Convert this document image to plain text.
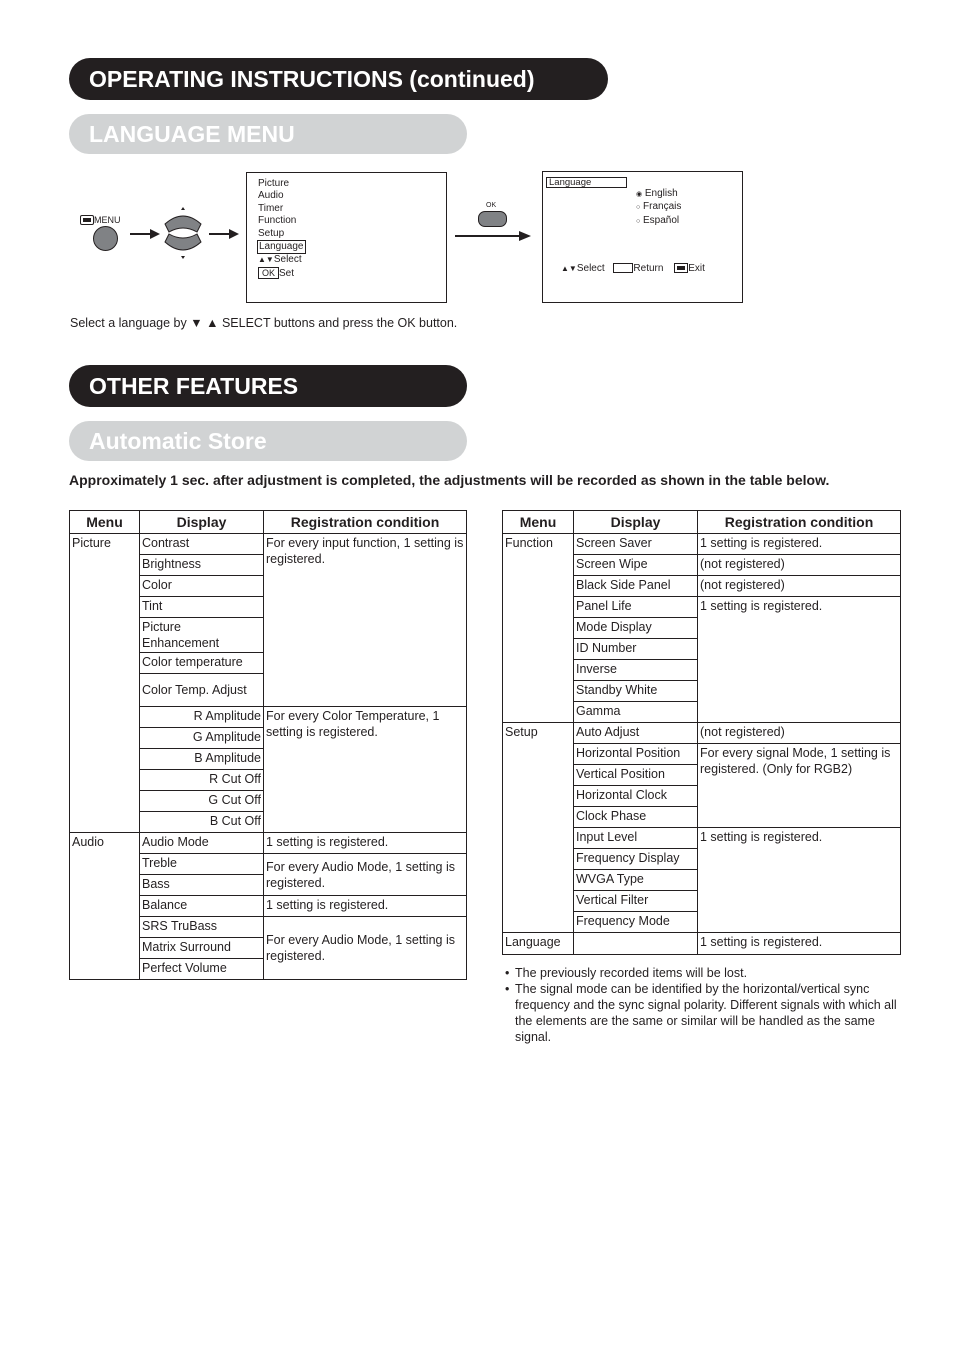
OPERATING INSTRUCTIONS (continued)
LANGUAGE MENU
MENU
Picture
Audio
Timer
Function
Setup
Language
▲▼Select
OK Set
OK
Language
◉ English
○ Français
○ Español
▲▼Select	Return Exit
Select a language by ▼ ▲ SELECT buttons and press the OK button.
OTHER FEATURES
Automatic Store
Approximately 1 sec. after adjustment is completed, the adjustments will be recorded as shown in the table below.
Menu	Display	Registration condition
Picture	Contrast	For every input function, 1 setting is registered.
	Brightness	
	Color	
	Tint	
	Picture Enhancement	
	Color temperature	
	Color Temp. Adjust	
	R Amplitude	For every Color Temperature, 1 setting is registered.
	G Amplitude	
	B Amplitude	
	R Cut Off	
	G Cut Off	
	B Cut Off	
Audio	Audio Mode	1 setting is registered.
	Treble	For every Audio Mode, 1 setting is registered.
	Bass	
	Balance	1 setting is registered.
	SRS TruBass	For every Audio Mode, 1 setting is registered.
	Matrix Surround	
	Perfect Volume	
Menu	Display	Registration condition
Function	Screen Saver	1 setting is registered.
	Screen Wipe	(not registered)
	Black Side Panel	(not registered)
	Panel Life	1 setting is registered.
	Mode Display	
	ID Number	
	Inverse	
	Standby White	
	Gamma	
Setup	Auto Adjust	(not registered)
	Horizontal Position	For every signal Mode, 1 setting is registered. (Only for RGB2)
	Vertical Position	
	Horizontal Clock	
	Clock Phase	
	Input Level	1 setting is registered.
	Frequency Display	
	WVGA Type	
	Vertical Filter	
	Frequency Mode	
Language		1 setting is registered.
• The previously recorded items will be lost.
• The signal mode can be identified by the horizontal/vertical sync frequency and the sync signal polarity. Different signals with which all the elements are the same or similar will be handled as the same signal.
